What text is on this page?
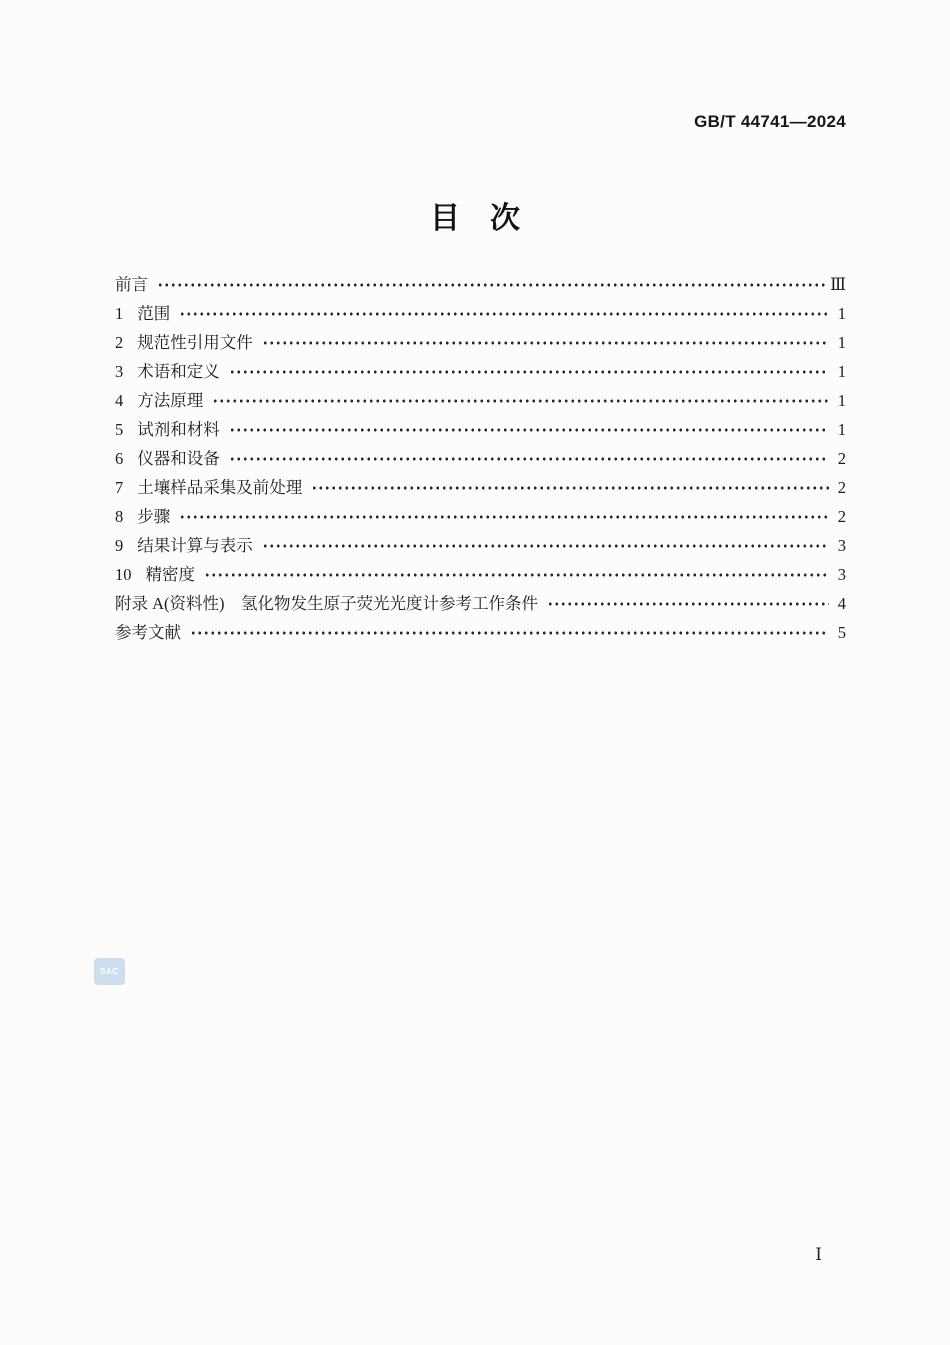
GB/T 44741—2024
目　次
前言	Ⅲ
1 范围	1
2 规范性引用文件	1
3 术语和定义	1
4 方法原理	1
5 试剂和材料	1
6 仪器和设备	2
7 土壤样品采集及前处理	2
8 步骤	2
9 结果计算与表示	3
10 精密度	3
附录 A(资料性)　氢化物发生原子荧光光度计参考工作条件	4
参考文献	5
SAC
Ⅰ
